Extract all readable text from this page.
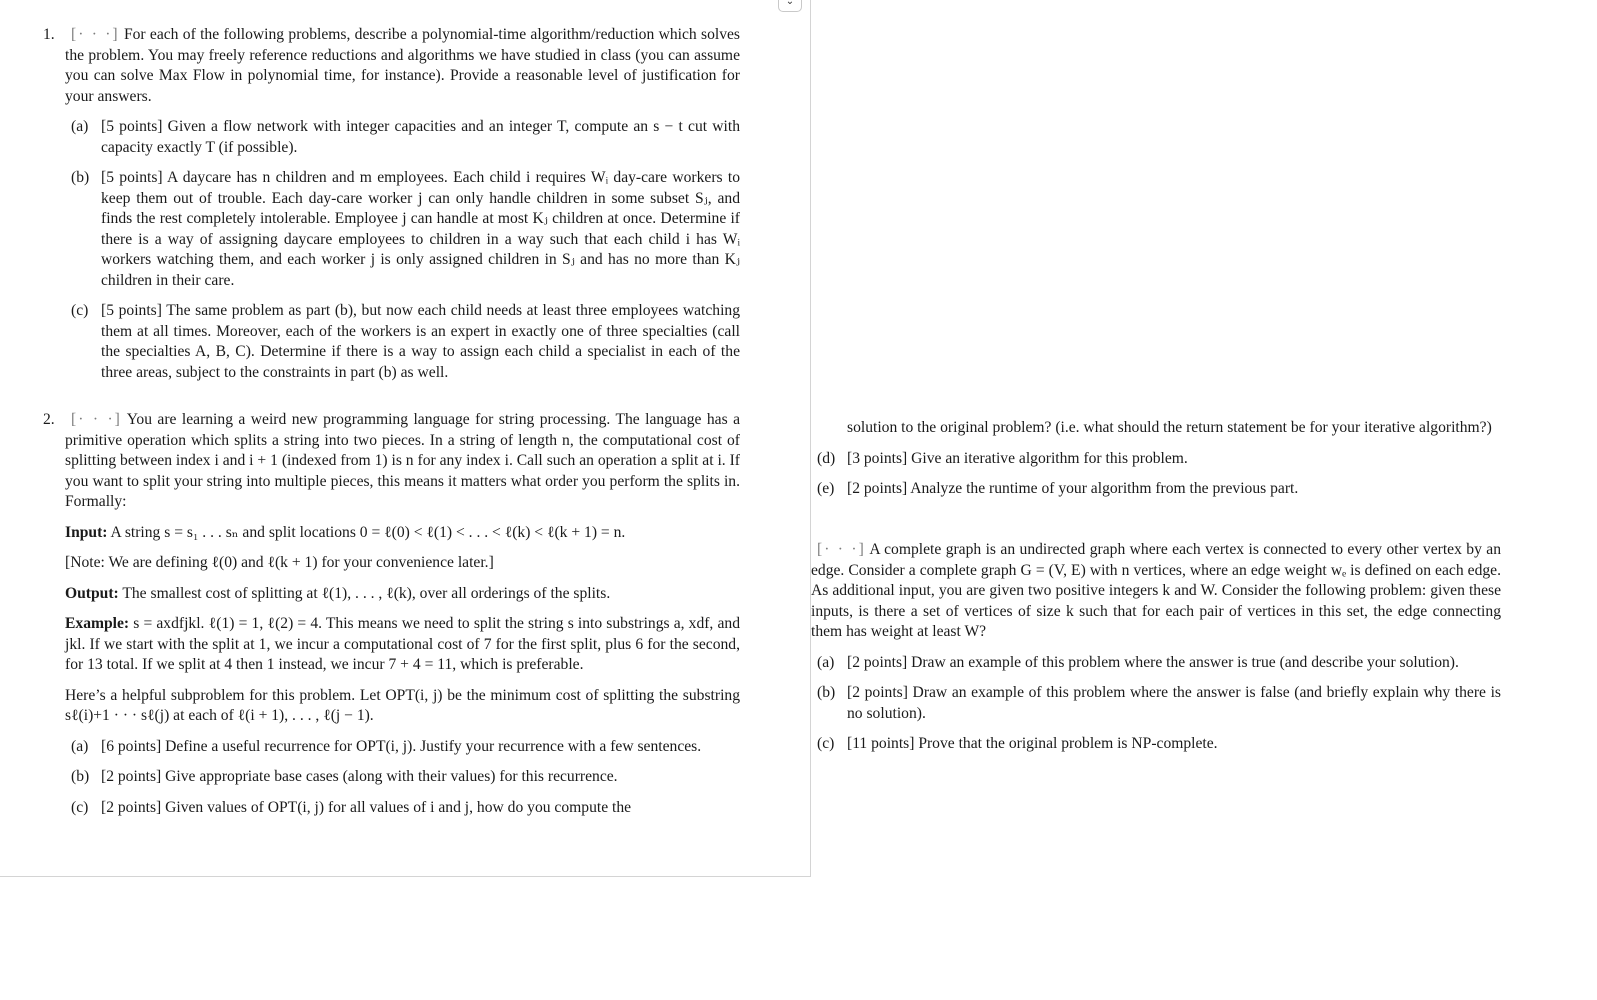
1.	[· · ·] For each of the following problems, describe a polynomial-time algorithm/reduction which solves the problem. You may freely reference reductions and algorithms we have studied in class (you can assume you can solve Max Flow in polynomial time, for instance). Provide a reasonable level of justification for your answers.

(a) [5 points] Given a flow network with integer capacities and an integer T, compute an s − t cut with capacity exactly T (if possible).
(b) [5 points] A daycare has n children and m employees. Each child i requires Wᵢ day-care workers to keep them out of trouble. Each day-care worker j can only handle children in some subset Sⱼ, and finds the rest completely intolerable. Employee j can handle at most Kⱼ children at once. Determine if there is a way of assigning daycare employees to children in a way such that each child i has Wᵢ workers watching them, and each worker j is only assigned children in Sⱼ and has no more than Kⱼ children in their care.
(c) [5 points] The same problem as part (b), but now each child needs at least three employees watching them at all times. Moreover, each of the workers is an expert in exactly one of three specialties (call the specialties A, B, C). Determine if there is a way to assign each child a specialist in each of the three areas, subject to the constraints in part (b) as well.
2.	[· · ·] You are learning a weird new programming language for string processing. The language has a primitive operation which splits a string into two pieces. In a string of length n, the computational cost of splitting between index i and i + 1 (indexed from 1) is n for any index i. Call such an operation a split at i. If you want to split your string into multiple pieces, this means it matters what order you perform the splits in. Formally:

Input: A string s = s₁ . . . sₙ and split locations 0 = ℓ(0) < ℓ(1) < . . . < ℓ(k) < ℓ(k + 1) = n.

[Note: We are defining ℓ(0) and ℓ(k + 1) for your convenience later.]

Output: The smallest cost of splitting at ℓ(1), . . . , ℓ(k), over all orderings of the splits.

Example: s = axdfjkl. ℓ(1) = 1, ℓ(2) = 4. This means we need to split the string s into substrings a, xdf, and jkl. If we start with the split at 1, we incur a computational cost of 7 for the first split, plus 6 for the second, for 13 total. If we split at 4 then 1 instead, we incur 7 + 4 = 11, which is preferable.

Here’s a helpful subproblem for this problem. Let OPT(i, j) be the minimum cost of splitting the substring sℓ(i)+1 · · · sℓ(j) at each of ℓ(i + 1), . . . , ℓ(j − 1).

(a) [6 points] Define a useful recurrence for OPT(i, j). Justify your recurrence with a few sentences.
(b) [2 points] Give appropriate base cases (along with their values) for this recurrence.
(c) [2 points] Given values of OPT(i, j) for all values of i and j, how do you compute the
⌄

solution to the original problem? (i.e. what should the return statement be for your iterative algorithm?)

(d) [3 points] Give an iterative algorithm for this problem.
(e) [2 points] Analyze the runtime of your algorithm from the previous part.

[· · ·] A complete graph is an undirected graph where each vertex is connected to every other vertex by an edge. Consider a complete graph G = (V, E) with n vertices, where an edge weight wₑ is defined on each edge. As additional input, you are given two positive integers k and W. Consider the following problem: given these inputs, is there a set of vertices of size k such that for each pair of vertices in this set, the edge connecting them has weight at least W?

(a) [2 points] Draw an example of this problem where the answer is true (and describe your solution).
(b) [2 points] Draw an example of this problem where the answer is false (and briefly explain why there is no solution).
(c) [11 points] Prove that the original problem is NP-complete.
